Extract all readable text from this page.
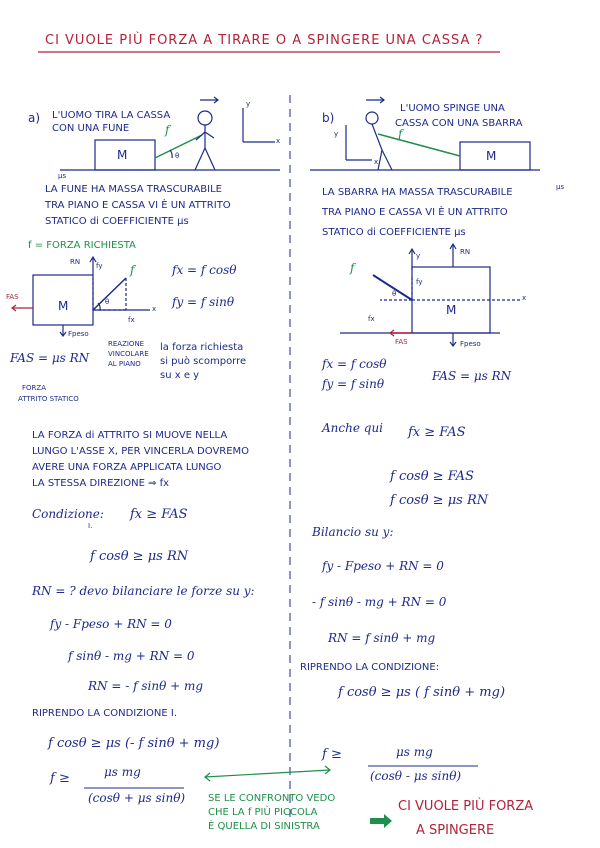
CI VUOLE PIÙ FORZA A TIRARE O A SPINGERE UNA CASSA ?
a) L'UOMO TIRA LA CASSA
CON UNA FUNE
M
f
θ
μs
x
y
LA FUNE HA MASSA TRASCURABILE
TRA PIANO E CASSA VI È UN ATTRITO
STATICO di COEFFICIENTE μs
f = FORZA RICHIESTA
RN fy f
fx
FAS
M
Fpeso
θ
x
fx = f cosθ
fy = f sinθ
la forza richiesta
si può scomporre
su x e y
FAS = μs RN
REAZIONE
VINCOLARE
AL PIANO
FORZA
ATTRITO STATICO
LA FORZA di ATTRITO SI MUOVE NELLA
LUNGO L'ASSE X, PER VINCERLA DOVREMO
AVERE UNA FORZA APPLICATA LUNGO
LA STESSA DIREZIONE ⇒ fx
Condizione:
I.
fx ≥ FAS
f cosθ ≥ μs RN
RN = ? devo bilanciare le forze su y:
fy - Fpeso + RN = 0
f sinθ - mg + RN = 0
RN = - f sinθ + mg
RIPRENDO LA CONDIZIONE I.
f cosθ ≥ μs (- f sinθ + mg)
f ≥	μs mg
(cosθ + μs sinθ)
b)
L'UOMO SPINGE UNA
CASSA CON UNA SBARRA
M
f
μs
x
y
LA SBARRA HA MASSA TRASCURABILE
TRA PIANO E CASSA VI È UN ATTRITO
STATICO di COEFFICIENTE μs
RN
y
fy
f
fx
FAS
M
Fpeso
θ	x
fx = f cosθ
fy = f sinθ
FAS = μs RN
Anche qui fx ≥ FAS
f cosθ ≥ FAS
f cosθ ≥ μs RN
Bilancio su y:
fy - Fpeso + RN = 0
- f sinθ - mg + RN = 0
RN = f sinθ + mg
RIPRENDO LA CONDIZIONE:
f cosθ ≥ μs ( f sinθ + mg)
f ≥	μs mg
(cosθ - μs sinθ)
SE LE CONFRONTO VEDO
CHE LA f PIÙ PICCOLA
È QUELLA DI SINISTRA
CI VUOLE PIÙ FORZA
A SPINGERE
